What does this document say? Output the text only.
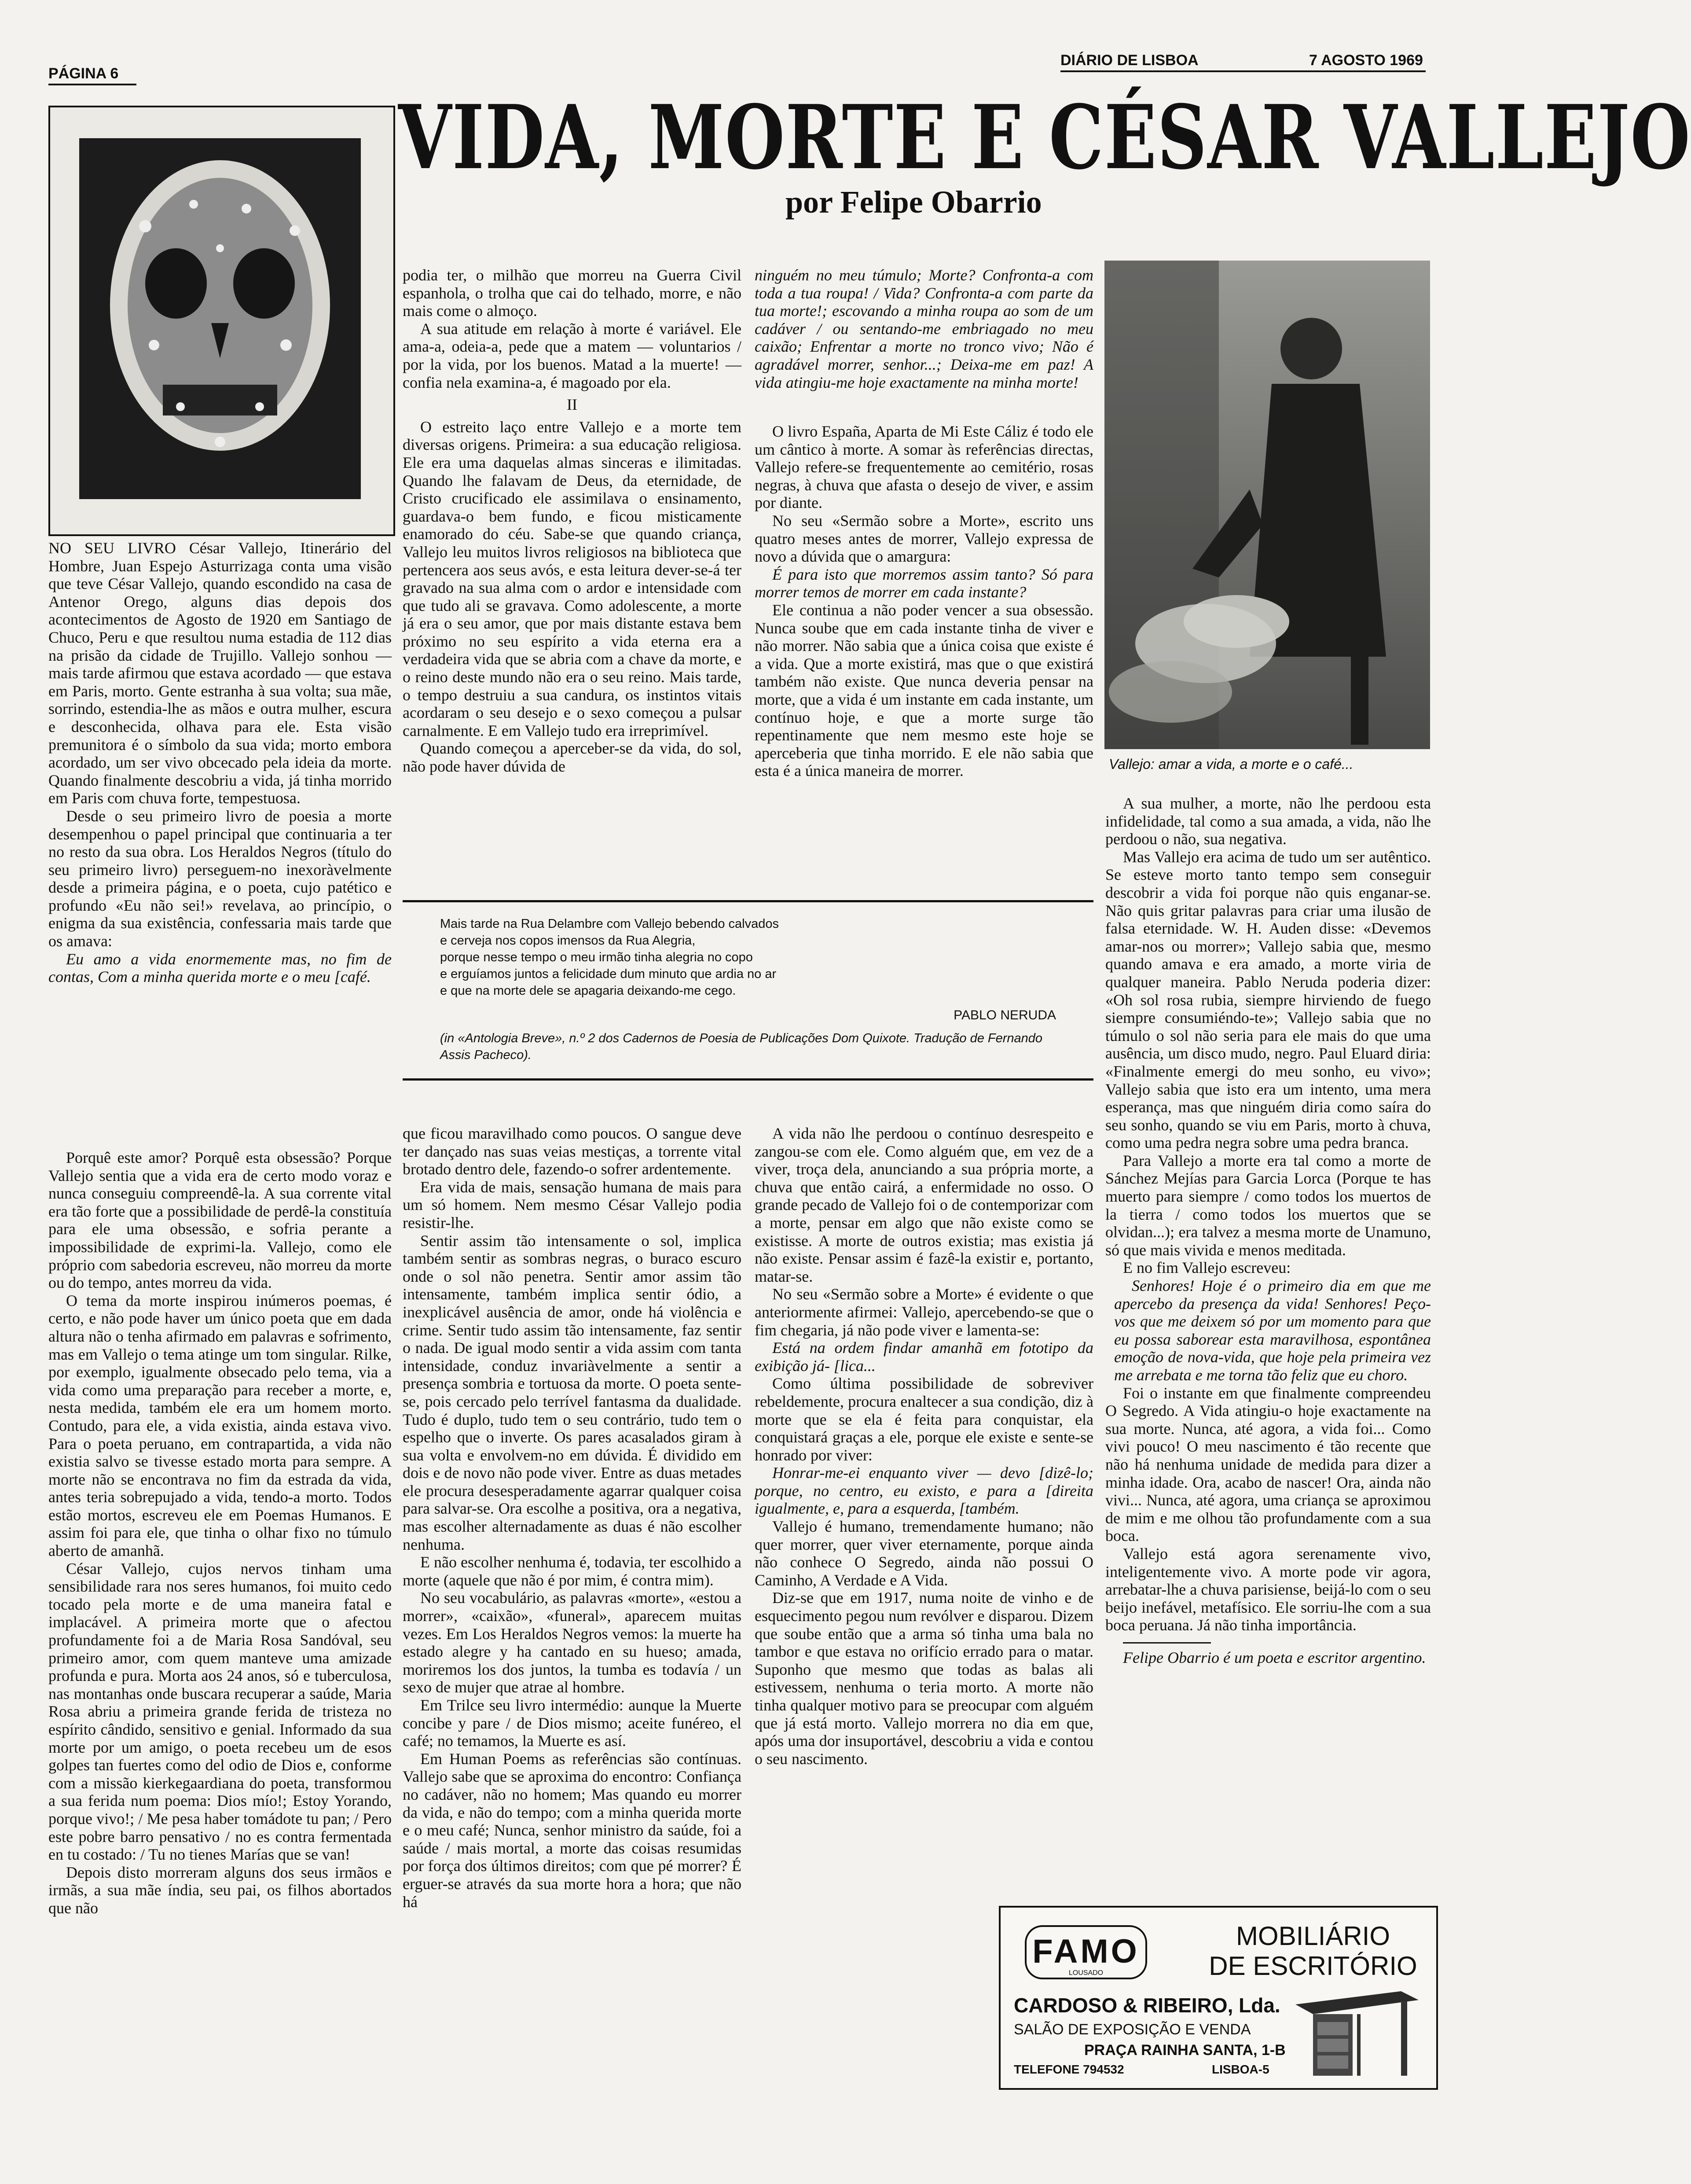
PÁGINA 6
DIÁRIO DE LISBOA	7 AGOSTO 1969
VIDA, MORTE E CÉSAR VALLEJO
por Felipe Obarrio

NO SEU LIVRO César Vallejo, Itinerário del Hombre, Juan Espejo Asturrizaga conta uma visão que teve César Vallejo, quando escondido na casa de Antenor Orego, alguns dias depois dos acontecimentos de Agosto de 1920 em Santiago de Chuco, Peru e que resultou numa estadia de 112 dias na prisão da cidade de Trujillo. Vallejo sonhou — mais tarde afirmou que estava acordado — que estava em Paris, morto. Gente estranha à sua volta; sua mãe, sorrindo, estendia-lhe as mãos e outra mulher, escura e desconhecida, olhava para ele. Esta visão premunitora é o símbolo da sua vida; morto embora acordado, um ser vivo obcecado pela ideia da morte. Quando finalmente descobriu a vida, já tinha morrido em Paris com chuva forte, tempestuosa.

Desde o seu primeiro livro de poesia a morte desempenhou o papel principal que continuaria a ter no resto da sua obra. Los Heraldos Negros (título do seu primeiro livro) perseguem-no inexoràvelmente desde a primeira página, e o poeta, cujo patético e profundo «Eu não sei!» revelava, ao princípio, o enigma da sua existência, confessaria mais tarde que os amava:

Eu amo a vida enormemente mas, no fim de contas, Com a minha querida morte e o meu [café.

podia ter, o milhão que morreu na Guerra Civil espanhola, o trolha que cai do telhado, morre, e não mais come o almoço.

A sua atitude em relação à morte é variável. Ele ama-a, odeia-a, pede que a matem — voluntarios / por la vida, por los buenos. Matad a la muerte! — confia nela examina-a, é magoado por ela.

II

O estreito laço entre Vallejo e a morte tem diversas origens. Primeira: a sua educação religiosa. Ele era uma daquelas almas sinceras e ilimitadas. Quando lhe falavam de Deus, da eternidade, de Cristo crucificado ele assimilava o ensinamento, guardava-o bem fundo, e ficou misticamente enamorado do céu. Sabe-se que quando criança, Vallejo leu muitos livros religiosos na biblioteca que pertencera aos seus avós, e esta leitura dever-se-á ter gravado na sua alma com o ardor e intensidade com que tudo ali se gravava. Como adolescente, a morte já era o seu amor, que por mais distante estava bem próximo no seu espírito a vida eterna era a verdadeira vida que se abria com a chave da morte, e o reino deste mundo não era o seu reino. Mais tarde, o tempo destruiu a sua candura, os instintos vitais acordaram o seu desejo e o sexo começou a pulsar carnalmente. E em Vallejo tudo era irreprimível.

Quando começou a aperceber-se da vida, do sol, não pode haver dúvida de

ninguém no meu túmulo; Morte? Confronta-a com toda a tua roupa! / Vida? Confronta-a com parte da tua morte!; escovando a minha roupa ao som de um cadáver / ou sentando-me embriagado no meu caixão; Enfrentar a morte no tronco vivo; Não é agradável morrer, senhor...; Deixa-me em paz! A vida atingiu-me hoje exactamente na minha morte!

O livro España, Aparta de Mi Este Cáliz é todo ele um cântico à morte. A somar às referências directas, Vallejo refere-se frequentemente ao cemitério, rosas negras, à chuva que afasta o desejo de viver, e assim por diante.

No seu «Sermão sobre a Morte», escrito uns quatro meses antes de morrer, Vallejo expressa de novo a dúvida que o amargura:

É para isto que morremos assim tanto? Só para morrer temos de morrer em cada instante?

Ele continua a não poder vencer a sua obsessão. Nunca soube que em cada instante tinha de viver e não morrer. Não sabia que a única coisa que existe é a vida. Que a morte existirá, mas que o que existirá também não existe. Que nunca deveria pensar na morte, que a vida é um instante em cada instante, um contínuo hoje, e que a morte surge tão repentinamente que nem mesmo este hoje se aperceberia que tinha morrido. E ele não sabia que esta é a única maneira de morrer.	Vallejo: amar a vida, a morte e o café...

A sua mulher, a morte, não lhe perdoou esta infidelidade, tal como a sua amada, a vida, não lhe perdoou o não, sua negativa.

Mas Vallejo era acima de tudo um ser autêntico. Se esteve morto tanto tempo sem conseguir descobrir a vida foi porque não quis enganar-se. Não quis gritar palavras para criar uma ilusão de falsa eternidade. W. H. Auden disse: «Devemos amar-nos ou morrer»; Vallejo sabia que, mesmo quando amava e era amado, a morte viria de qualquer maneira. Pablo Neruda poderia dizer: «Oh sol rosa rubia, siempre hirviendo de fuego siempre consumiéndo-te»; Vallejo sabia que no túmulo o sol não seria para ele mais do que uma ausência, um disco mudo, negro. Paul Eluard diria: «Finalmente emergi do meu sonho, eu vivo»; Vallejo sabia que isto era um intento, uma mera esperança, mas que ninguém diria como saíra do seu sonho, quando se viu em Paris, morto à chuva, como uma pedra negra sobre uma pedra branca.

Para Vallejo a morte era tal como a morte de Sánchez Mejías para Garcia Lorca (Porque te has muerto para siempre / como todos los muertos de la tierra / como todos los muertos que se olvidan...); era talvez a mesma morte de Unamuno, só que mais vivida e menos meditada.

E no fim Vallejo escreveu:

Senhores! Hoje é o primeiro dia em que me apercebo da presença da vida! Senhores! Peço-vos que me deixem só por um momento para que eu possa saborear esta maravilhosa, espontânea emoção de nova-vida, que hoje pela primeira vez me arrebata e me torna tão feliz que eu choro.

Foi o instante em que finalmente compreendeu O Segredo. A Vida atingiu-o hoje exactamente na sua morte. Nunca, até agora, a vida foi... Como vivi pouco! O meu nascimento é tão recente que não há nenhuma unidade de medida para dizer a minha idade. Ora, acabo de nascer! Ora, ainda não vivi... Nunca, até agora, uma criança se aproximou de mim e me olhou tão profundamente com a sua boca.

Vallejo está agora serenamente vivo, inteligentemente vivo. A morte pode vir agora, arrebatar-lhe a chuva parisiense, beijá-lo com o seu beijo inefável, metafísico. Ele sorriu-lhe com a sua boca peruana. Já não tinha importância.

Felipe Obarrio é um poeta e escritor argentino.

Mais tarde na Rua Delambre com Vallejo bebendo calvados
e cerveja nos copos imensos da Rua Alegria,
porque nesse tempo o meu irmão tinha alegria no copo
e erguíamos juntos a felicidade dum minuto que ardia no ar
e que na morte dele se apagaria deixando-me cego.
PABLO NERUDA
(in «Antologia Breve», n.º 2 dos Cadernos de Poesia de Publicações Dom Quixote. Tradução de Fernando Assis Pacheco).

Porquê este amor? Porquê esta obsessão? Porque Vallejo sentia que a vida era de certo modo voraz e nunca conseguiu compreendê-la. A sua corrente vital era tão forte que a possibilidade de perdê-la constituía para ele uma obsessão, e sofria perante a impossibilidade de exprimi-la. Vallejo, como ele próprio com sabedoria escreveu, não morreu da morte ou do tempo, antes morreu da vida.

O tema da morte inspirou inúmeros poemas, é certo, e não pode haver um único poeta que em dada altura não o tenha afirmado em palavras e sofrimento, mas em Vallejo o tema atinge um tom singular. Rilke, por exemplo, igualmente obsecado pelo tema, via a vida como uma preparação para receber a morte, e, nesta medida, também ele era um homem morto. Contudo, para ele, a vida existia, ainda estava vivo. Para o poeta peruano, em contrapartida, a vida não existia salvo se tivesse estado morta para sempre. A morte não se encontrava no fim da estrada da vida, antes teria sobrepujado a vida, tendo-a morto. Todos estão mortos, escreveu ele em Poemas Humanos. E assim foi para ele, que tinha o olhar fixo no túmulo aberto de amanhã.

César Vallejo, cujos nervos tinham uma sensibilidade rara nos seres humanos, foi muito cedo tocado pela morte e de uma maneira fatal e implacável. A primeira morte que o afectou profundamente foi a de Maria Rosa Sandóval, seu primeiro amor, com quem manteve uma amizade profunda e pura. Morta aos 24 anos, só e tuberculosa, nas montanhas onde buscara recuperar a saúde, Maria Rosa abriu a primeira grande ferida de tristeza no espírito cândido, sensitivo e genial. Informado da sua morte por um amigo, o poeta recebeu um de esos golpes tan fuertes como del odio de Dios e, conforme com a missão kierkegaardiana do poeta, transformou a sua ferida num poema: Dios mío!; Estoy Yorando, porque vivo!; / Me pesa haber tomádote tu pan; / Pero este pobre barro pensativo / no es contra fermentada en tu costado: / Tu no tienes Marías que se van!

Depois disto morreram alguns dos seus irmãos e irmãs, a sua mãe índia, seu pai, os filhos abortados que não

que ficou maravilhado como poucos. O sangue deve ter dançado nas suas veias mestiças, a torrente vital brotado dentro dele, fazendo-o sofrer ardentemente.

Era vida de mais, sensação humana de mais para um só homem. Nem mesmo César Vallejo podia resistir-lhe.

Sentir assim tão intensamente o sol, implica também sentir as sombras negras, o buraco escuro onde o sol não penetra. Sentir amor assim tão intensamente, também implica sentir ódio, a inexplicável ausência de amor, onde há violência e crime. Sentir tudo assim tão intensamente, faz sentir o nada. De igual modo sentir a vida assim com tanta intensidade, conduz invariàvelmente a sentir a presença sombria e tortuosa da morte. O poeta sente-se, pois cercado pelo terrível fantasma da dualidade. Tudo é duplo, tudo tem o seu contrário, tudo tem o espelho que o inverte. Os pares acasalados giram à sua volta e envolvem-no em dúvida. É dividido em dois e de novo não pode viver. Entre as duas metades ele procura desesperadamente agarrar qualquer coisa para salvar-se. Ora escolhe a positiva, ora a negativa, mas escolher alternadamente as duas é não escolher nenhuma.

E não escolher nenhuma é, todavia, ter escolhido a morte (aquele que não é por mim, é contra mim).

No seu vocabulário, as palavras «morte», «estou a morrer», «caixão», «funeral», aparecem muitas vezes. Em Los Heraldos Negros vemos: la muerte ha estado alegre y ha cantado en su hueso; amada, moriremos los dos juntos, la tumba es todavía / un sexo de mujer que atrae al hombre.

Em Trilce seu livro intermédio: aunque la Muerte concibe y pare / de Dios mismo; aceite funéreo, el café; no temamos, la Muerte es así.

Em Human Poems as referências são contínuas. Vallejo sabe que se aproxima do encontro: Confiança no cadáver, não no homem; Mas quando eu morrer da vida, e não do tempo; com a minha querida morte e o meu café; Nunca, senhor ministro da saúde, foi a saúde / mais mortal, a morte das coisas resumidas por força dos últimos direitos; com que pé morrer? É erguer-se através da sua morte hora a hora; que não há

A vida não lhe perdoou o contínuo desrespeito e zangou-se com ele. Como alguém que, em vez de a viver, troça dela, anunciando a sua própria morte, a chuva que então cairá, a enfermidade no osso. O grande pecado de Vallejo foi o de contemporizar com a morte, pensar em algo que não existe como se existisse. A morte de outros existia; mas existia já não existe. Pensar assim é fazê-la existir e, portanto, matar-se.

No seu «Sermão sobre a Morte» é evidente o que anteriormente afirmei: Vallejo, apercebendo-se que o fim chegaria, já não pode viver e lamenta-se:

Está na ordem findar amanhã em fototipo da exibição já- [lica...

Como última possibilidade de sobreviver rebeldemente, procura enaltecer a sua condição, diz à morte que se ela é feita para conquistar, ela conquistará graças a ele, porque ele existe e sente-se honrado por viver:

Honrar-me-ei enquanto viver — devo [dizê-lo; porque, no centro, eu existo, e para a [direita igualmente, e, para a esquerda, [também.

Vallejo é humano, tremendamente humano; não quer morrer, quer viver eternamente, porque ainda não conhece O Segredo, ainda não possui O Caminho, A Verdade e A Vida.

Diz-se que em 1917, numa noite de vinho e de esquecimento pegou num revólver e disparou. Dizem que soube então que a arma só tinha uma bala no tambor e que estava no orifício errado para o matar. Suponho que mesmo que todas as balas ali estivessem, nenhuma o teria morto. A morte não tinha qualquer motivo para se preocupar com alguém que já está morto. Vallejo morrera no dia em que, após uma dor insuportável, descobriu a vida e contou o seu nascimento.

FAMO
LOUSADO
MOBILIÁRIO
DE ESCRITÓRIO
CARDOSO & RIBEIRO, Lda.
SALÃO DE EXPOSIÇÃO E VENDA
PRAÇA RAINHA SANTA, 1-B
TELEFONE 794532	LISBOA-5
